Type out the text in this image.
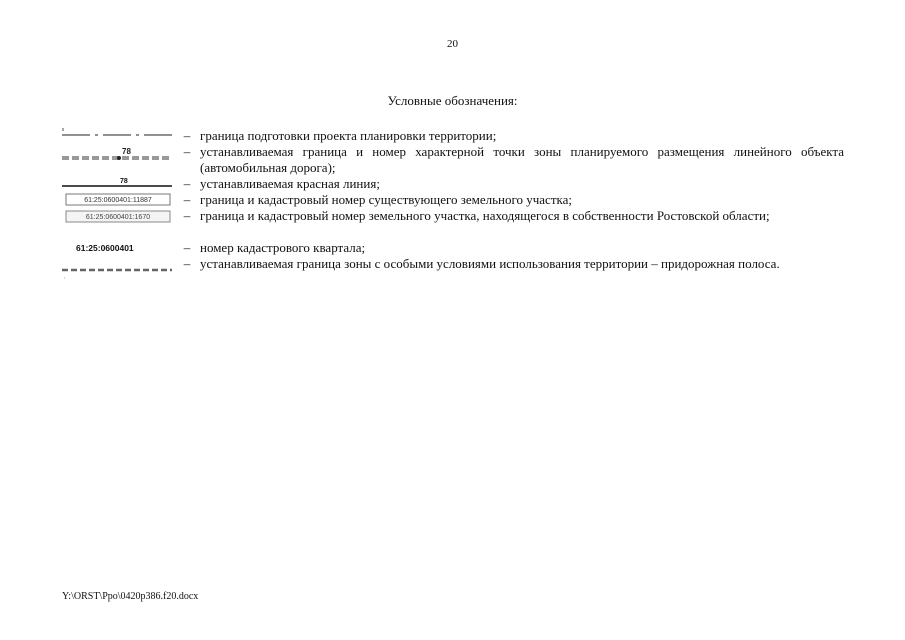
20
Условные обозначения:
– граница подготовки проекта планировки территории;
78	– устанавливаемая граница и номер характерной точки зоны планируемого размещения линейного объекта (автомобильная дорога);
78	– устанавливаемая красная линия;
61:25:0600401:11887	– граница и кадастровый номер существующего земельного участка;
61:25:0600401:1670	– граница и кадастровый номер земельного участка, находящегося в собственности Ростовской области;
61:25:0600401	– номер кадастрового квартала;
– устанавливаемая граница зоны с особыми условиями использования территории – придорожная полоса.
Y:\ORST\Ppo\0420p386.f20.docx
